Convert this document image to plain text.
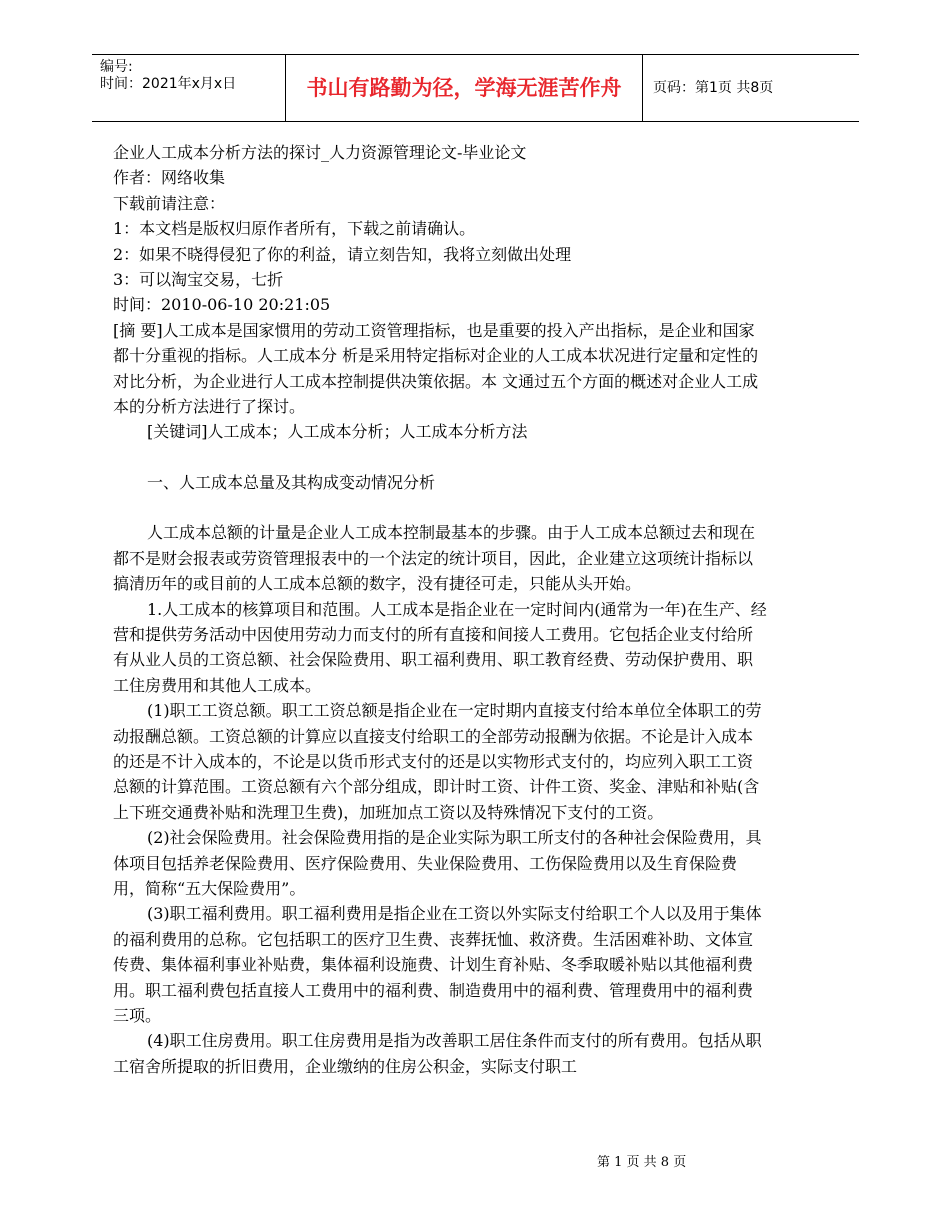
编号:
时间：2021年x月x日	书山有路勤为径，学海无涯苦作舟	页码：第1页 共8页

企业人工成本分析方法的探讨_人力资源管理论文-毕业论文

作者：网络收集

下载前请注意：

1：本文档是版权归原作者所有，下载之前请确认。

2：如果不晓得侵犯了你的利益，请立刻告知，我将立刻做出处理

3：可以淘宝交易，七折

时间：2010-06-10 20:21:05

[摘 要]人工成本是国家惯用的劳动工资管理指标，也是重要的投入产出指标，是企业和国家都十分重视的指标。人工成本分 析是采用特定指标对企业的人工成本状况进行定量和定性的对比分析，为企业进行人工成本控制提供决策依据。本 文通过五个方面的概述对企业人工成本的分析方法进行了探讨。

[关键词]人工成本；人工成本分析；人工成本分析方法

一、人工成本总量及其构成变动情况分析

人工成本总额的计量是企业人工成本控制最基本的步骤。由于人工成本总额过去和现在都不是财会报表或劳资管理报表中的一个法定的统计项目，因此，企业建立这项统计指标以搞清历年的或目前的人工成本总额的数字，没有捷径可走，只能从头开始。

1.人工成本的核算项目和范围。人工成本是指企业在一定时间内(通常为一年)在生产、经营和提供劳务活动中因使用劳动力而支付的所有直接和间接人工费用。它包括企业支付给所有从业人员的工资总额、社会保险费用、职工福利费用、职工教育经费、劳动保护费用、职工住房费用和其他人工成本。

(1)职工工资总额。职工工资总额是指企业在一定时期内直接支付给本单位全体职工的劳动报酬总额。工资总额的计算应以直接支付给职工的全部劳动报酬为依据。不论是计入成本的还是不计入成本的，不论是以货币形式支付的还是以实物形式支付的，均应列入职工工资总额的计算范围。工资总额有六个部分组成，即计时工资、计件工资、奖金、津贴和补贴(含上下班交通费补贴和洗理卫生费)，加班加点工资以及特殊情况下支付的工资。

(2)社会保险费用。社会保险费用指的是企业实际为职工所支付的各种社会保险费用，具体项目包括养老保险费用、医疗保险费用、失业保险费用、工伤保险费用以及生育保险费用，简称“五大保险费用”。

(3)职工福利费用。职工福利费用是指企业在工资以外实际支付给职工个人以及用于集体的福利费用的总称。它包括职工的医疗卫生费、丧葬抚恤、救济费。生活困难补助、文体宣传费、集体福利事业补贴费，集体福利设施费、计划生育补贴、冬季取暖补贴以其他福利费用。职工福利费包括直接人工费用中的福利费、制造费用中的福利费、管理费用中的福利费三项。

(4)职工住房费用。职工住房费用是指为改善职工居住条件而支付的所有费用。包括从职工宿舍所提取的折旧费用，企业缴纳的住房公积金，实际支付职工

第 1 页 共 8 页
